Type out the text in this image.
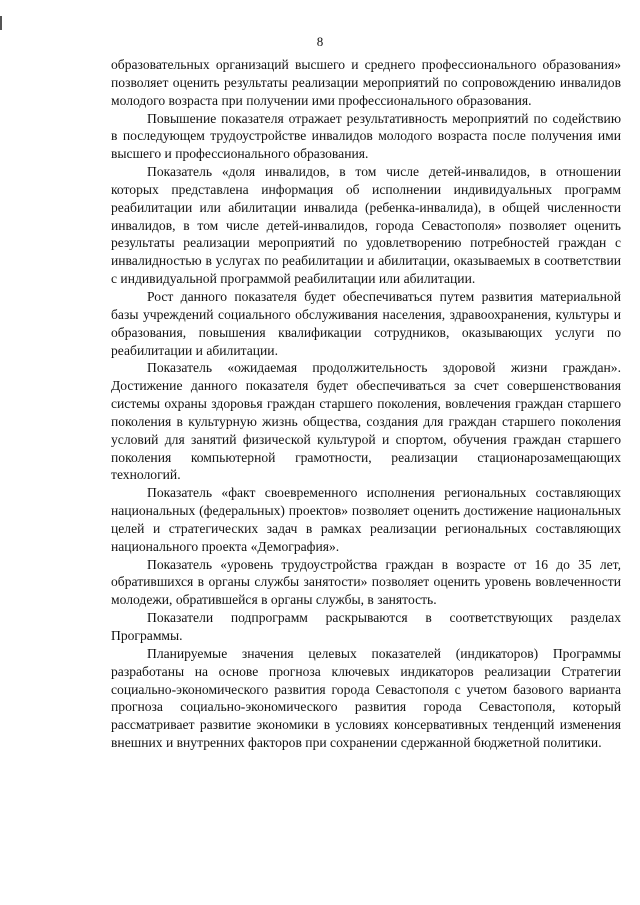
8

образовательных организаций высшего и среднего профессионального образования» позволяет оценить результаты реализации мероприятий по сопровождению инвалидов молодого возраста при получении ими профессионального образования.

Повышение показателя отражает результативность мероприятий по содействию в последующем трудоустройстве инвалидов молодого возраста после получения ими высшего и профессионального образования.

Показатель «доля инвалидов, в том числе детей-инвалидов, в отношении которых представлена информация об исполнении индивидуальных программ реабилитации или абилитации инвалида (ребенка-инвалида), в общей численности инвалидов, в том числе детей-инвалидов, города Севастополя» позволяет оценить результаты реализации мероприятий по удовлетворению потребностей граждан с инвалидностью в услугах по реабилитации и абилитации, оказываемых в соответствии с индивидуальной программой реабилитации или абилитации.

Рост данного показателя будет обеспечиваться путем развития материальной базы учреждений социального обслуживания населения, здравоохранения, культуры и образования, повышения квалификации сотрудников, оказывающих услуги по реабилитации и абилитации.

Показатель «ожидаемая продолжительность здоровой жизни граждан». Достижение данного показателя будет обеспечиваться за счет совершенствования системы охраны здоровья граждан старшего поколения, вовлечения граждан старшего поколения в культурную жизнь общества, создания для граждан старшего поколения условий для занятий физической культурой и спортом, обучения граждан старшего поколения компьютерной грамотности, реализации стационарозамещающих технологий.

Показатель «факт своевременного исполнения региональных составляющих национальных (федеральных) проектов» позволяет оценить достижение национальных целей и стратегических задач в рамках реализации региональных составляющих национального проекта «Демография».

Показатель «уровень трудоустройства граждан в возрасте от 16 до 35 лет, обратившихся в органы службы занятости» позволяет оценить уровень вовлеченности молодежи, обратившейся в органы службы, в занятость.

Показатели подпрограмм раскрываются в соответствующих разделах Программы.

Планируемые значения целевых показателей (индикаторов) Программы разработаны на основе прогноза ключевых индикаторов реализации Стратегии социально-экономического развития города Севастополя с учетом базового варианта прогноза социально-экономического развития города Севастополя, который рассматривает развитие экономики в условиях консервативных тенденций изменения внешних и внутренних факторов при сохранении сдержанной бюджетной политики.
